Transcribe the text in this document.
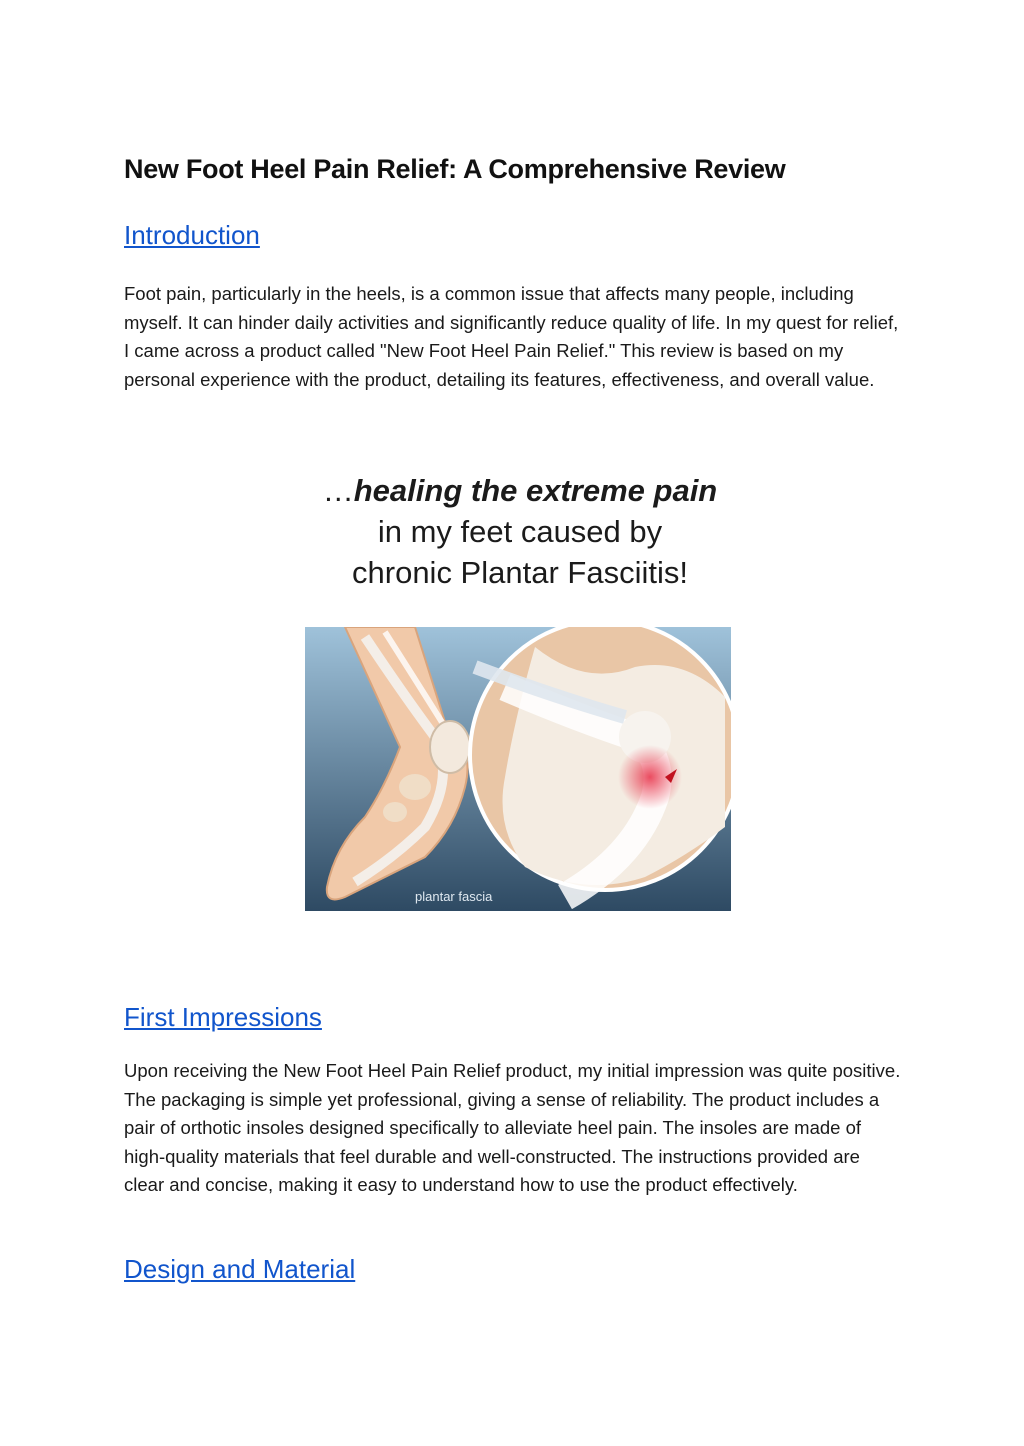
New Foot Heel Pain Relief: A Comprehensive Review
Introduction

Foot pain, particularly in the heels, is a common issue that affects many people, including myself. It can hinder daily activities and significantly reduce quality of life. In my quest for relief, I came across a product called "New Foot Heel Pain Relief." This review is based on my personal experience with the product, detailing its features, effectiveness, and overall value.

…healing the extreme pain
in my feet caused by
chronic Plantar Fasciitis!
plantar fascia
First Impressions

Upon receiving the New Foot Heel Pain Relief product, my initial impression was quite positive. The packaging is simple yet professional, giving a sense of reliability. The product includes a pair of orthotic insoles designed specifically to alleviate heel pain. The insoles are made of high-quality materials that feel durable and well-constructed. The instructions provided are clear and concise, making it easy to understand how to use the product effectively.

Design and Material
